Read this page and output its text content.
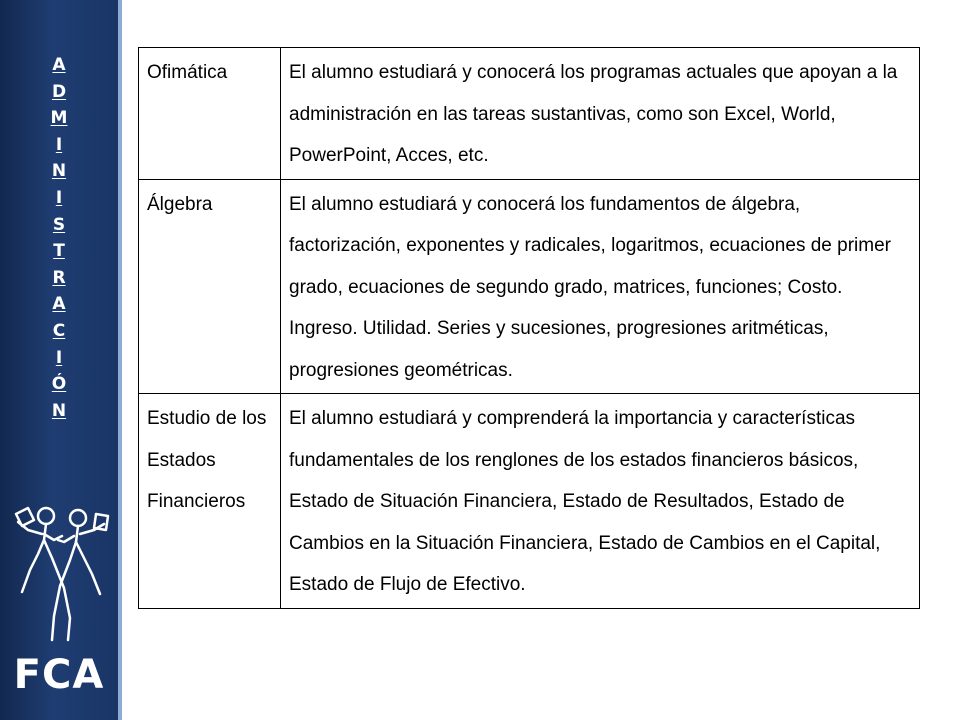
A
D
M
I
N
I
S
T
R
A
C
I
Ó
N
FCA
Ofimática	El alumno estudiará y conocerá los programas actuales que apoyan a la administración en las tareas sustantivas, como son Excel, World, PowerPoint, Acces, etc.
Álgebra	El alumno estudiará y conocerá los fundamentos de álgebra, factorización, exponentes y radicales, logaritmos, ecuaciones de primer grado, ecuaciones de segundo grado, matrices, funciones; Costo. Ingreso. Utilidad. Series y sucesiones, progresiones aritméticas, progresiones geométricas.
Estudio de los Estados Financieros	El alumno estudiará y comprenderá la importancia y características fundamentales de los renglones de los estados financieros básicos, Estado de Situación Financiera, Estado de Resultados, Estado de Cambios en la Situación Financiera, Estado de Cambios en el Capital, Estado de Flujo de Efectivo.
